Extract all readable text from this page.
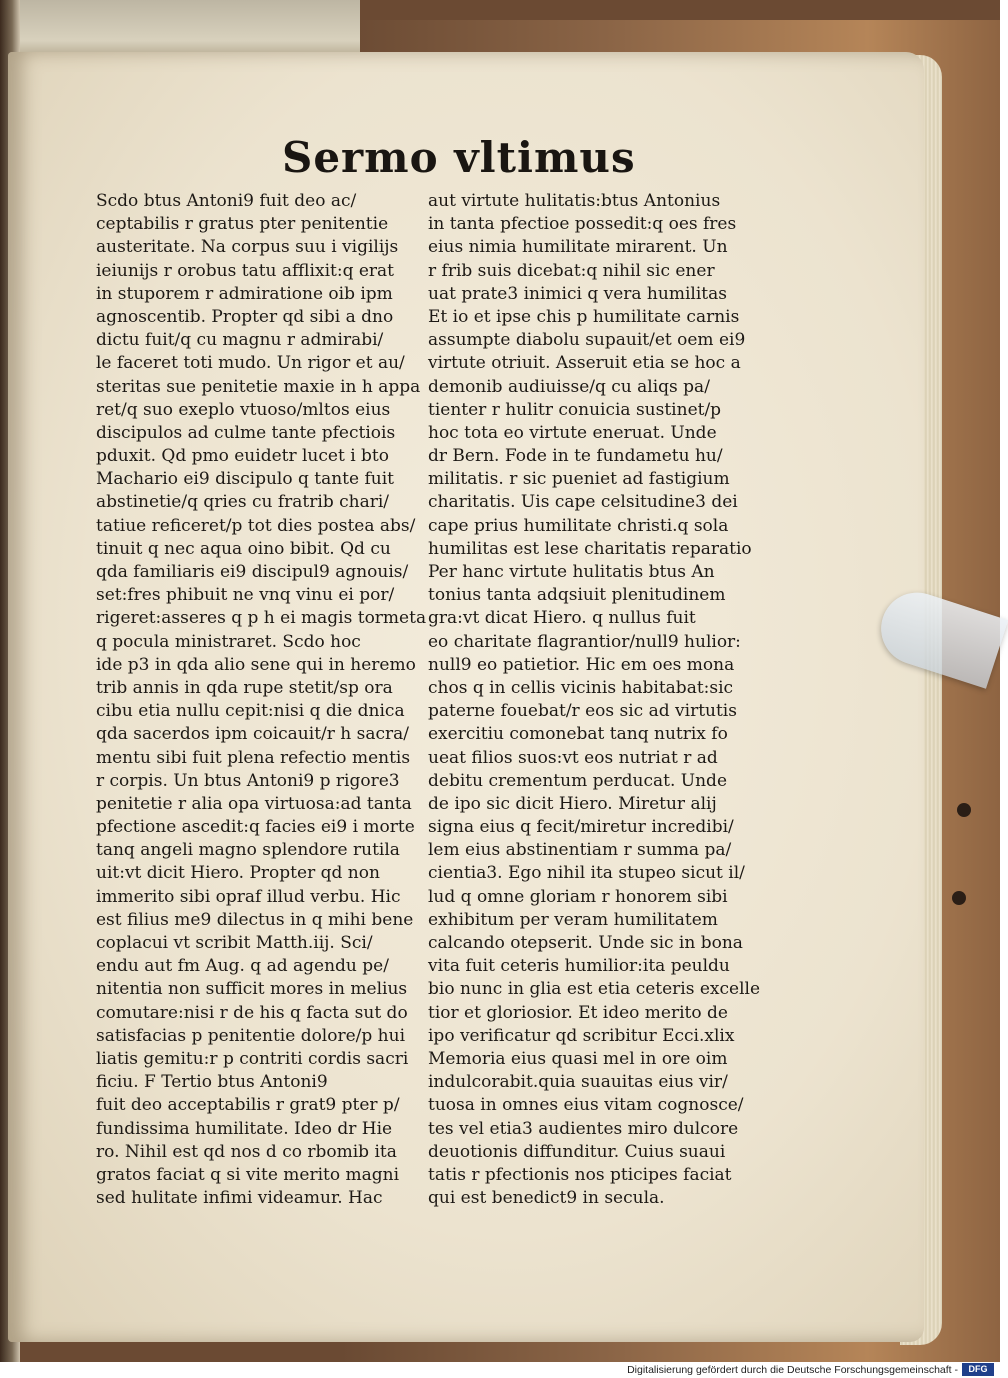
Sermo vltimus
Scdo btus Antoni9 fuit deo ac/
ceptabilis r gratus pter penitentie
austeritate. Na corpus suu i vigilijs
ieiunijs r orobus tatu afflixit:q erat
in stuporem r admiratione oib ipm
agnoscentib. Propter qd sibi a dno
dictu fuit/q cu magnu r admirabi/
le faceret toti mudo. Un rigor et au/
steritas sue penitetie maxie in h appa
ret/q suo exeplo vtuoso/mltos eius
discipulos ad culme tante pfectiois
pduxit. Qd pmo euidetr lucet i bto
Machario ei9 discipulo q tante fuit
abstinetie/q qries cu fratrib chari/
tatiue reficeret/p tot dies postea abs/
tinuit q nec aqua oino bibit. Qd cu
qda familiaris ei9 discipul9 agnouis/
set:fres phibuit ne vnq vinu ei por/
rigeret:asseres q p h ei magis tormeta
q pocula ministraret. Scdo hoc
ide p3 in qda alio sene qui in heremo
trib annis in qda rupe stetit/sp ora
cibu etia nullu cepit:nisi q die dnica
qda sacerdos ipm coicauit/r h sacra/
mentu sibi fuit plena refectio mentis
r corpis. Un btus Antoni9 p rigore3
penitetie r alia opa virtuosa:ad tanta
pfectione ascedit:q facies ei9 i morte
tanq angeli magno splendore rutila
uit:vt dicit Hiero. Propter qd non
immerito sibi opraf illud verbu. Hic
est filius me9 dilectus in q mihi bene
coplacui vt scribit Matth.iij. Sci/
endu aut fm Aug. q ad agendu pe/
nitentia non sufficit mores in melius
comutare:nisi r de his q facta sut do
satisfacias p penitentie dolore/p hui
liatis gemitu:r p contriti cordis sacri
ficiu. F Tertio btus Antoni9
fuit deo acceptabilis r grat9 pter p/
fundissima humilitate. Ideo dr Hie
ro. Nihil est qd nos d co rbomib ita
gratos faciat q si vite merito magni
sed hulitate infimi videamur. Hac
aut virtute hulitatis:btus Antonius
in tanta pfectioe possedit:q oes fres
eius nimia humilitate mirarent. Un
r frib suis dicebat:q nihil sic ener
uat prate3 inimici q vera humilitas
Et io et ipse chis p humilitate carnis
assumpte diabolu supauit/et oem ei9
virtute otriuit. Asseruit etia se hoc a
demonib audiuisse/q cu aliqs pa/
tienter r hulitr conuicia sustinet/p
hoc tota eo virtute eneruat. Unde
dr Bern. Fode in te fundametu hu/
militatis. r sic pueniet ad fastigium
charitatis. Uis cape celsitudine3 dei
cape prius humilitate christi.q sola
humilitas est lese charitatis reparatio
Per hanc virtute hulitatis btus An
tonius tanta adqsiuit plenitudinem
gra:vt dicat Hiero. q nullus fuit
eo charitate flagrantior/null9 hulior:
null9 eo patietior. Hic em oes mona
chos q in cellis vicinis habitabat:sic
paterne fouebat/r eos sic ad virtutis
exercitiu comonebat tanq nutrix fo
ueat filios suos:vt eos nutriat r ad
debitu crementum perducat. Unde
de ipo sic dicit Hiero. Miretur alij
signa eius q fecit/miretur incredibi/
lem eius abstinentiam r summa pa/
cientia3. Ego nihil ita stupeo sicut il/
lud q omne gloriam r honorem sibi
exhibitum per veram humilitatem
calcando otepserit. Unde sic in bona
vita fuit ceteris humilior:ita peuldu
bio nunc in glia est etia ceteris excelle
tior et gloriosior. Et ideo merito de
ipo verificatur qd scribitur Ecci.xlix
Memoria eius quasi mel in ore oim
indulcorabit.quia suauitas eius vir/
tuosa in omnes eius vitam cognosce/
tes vel etia3 audientes miro dulcore
deuotionis diffunditur. Cuius suaui
tatis r pfectionis nos pticipes faciat
qui est benedict9 in secula.
Digitalisierung gefördert durch die Deutsche Forschungsgemeinschaft -	DFG
